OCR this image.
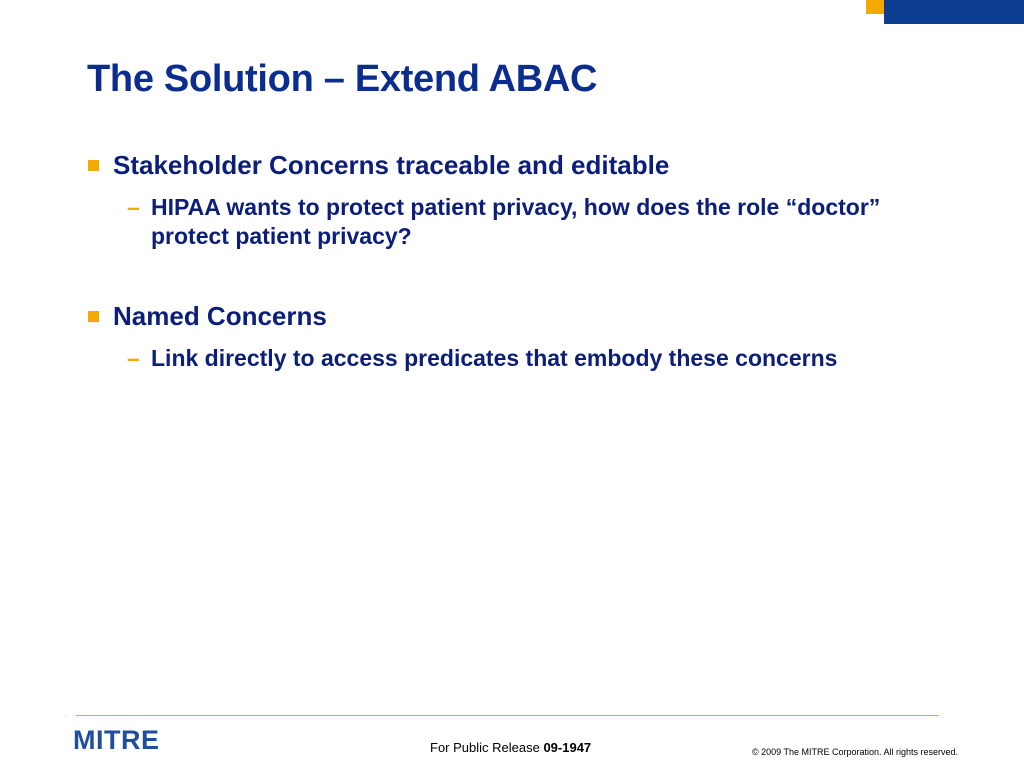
The Solution – Extend ABAC
Stakeholder Concerns traceable and editable
– HIPAA wants to protect patient privacy, how does the role “doctor” protect patient privacy?
Named Concerns
– Link directly to access predicates that embody these concerns
MITRE	For Public Release 09-1947	© 2009 The MITRE Corporation. All rights reserved.
